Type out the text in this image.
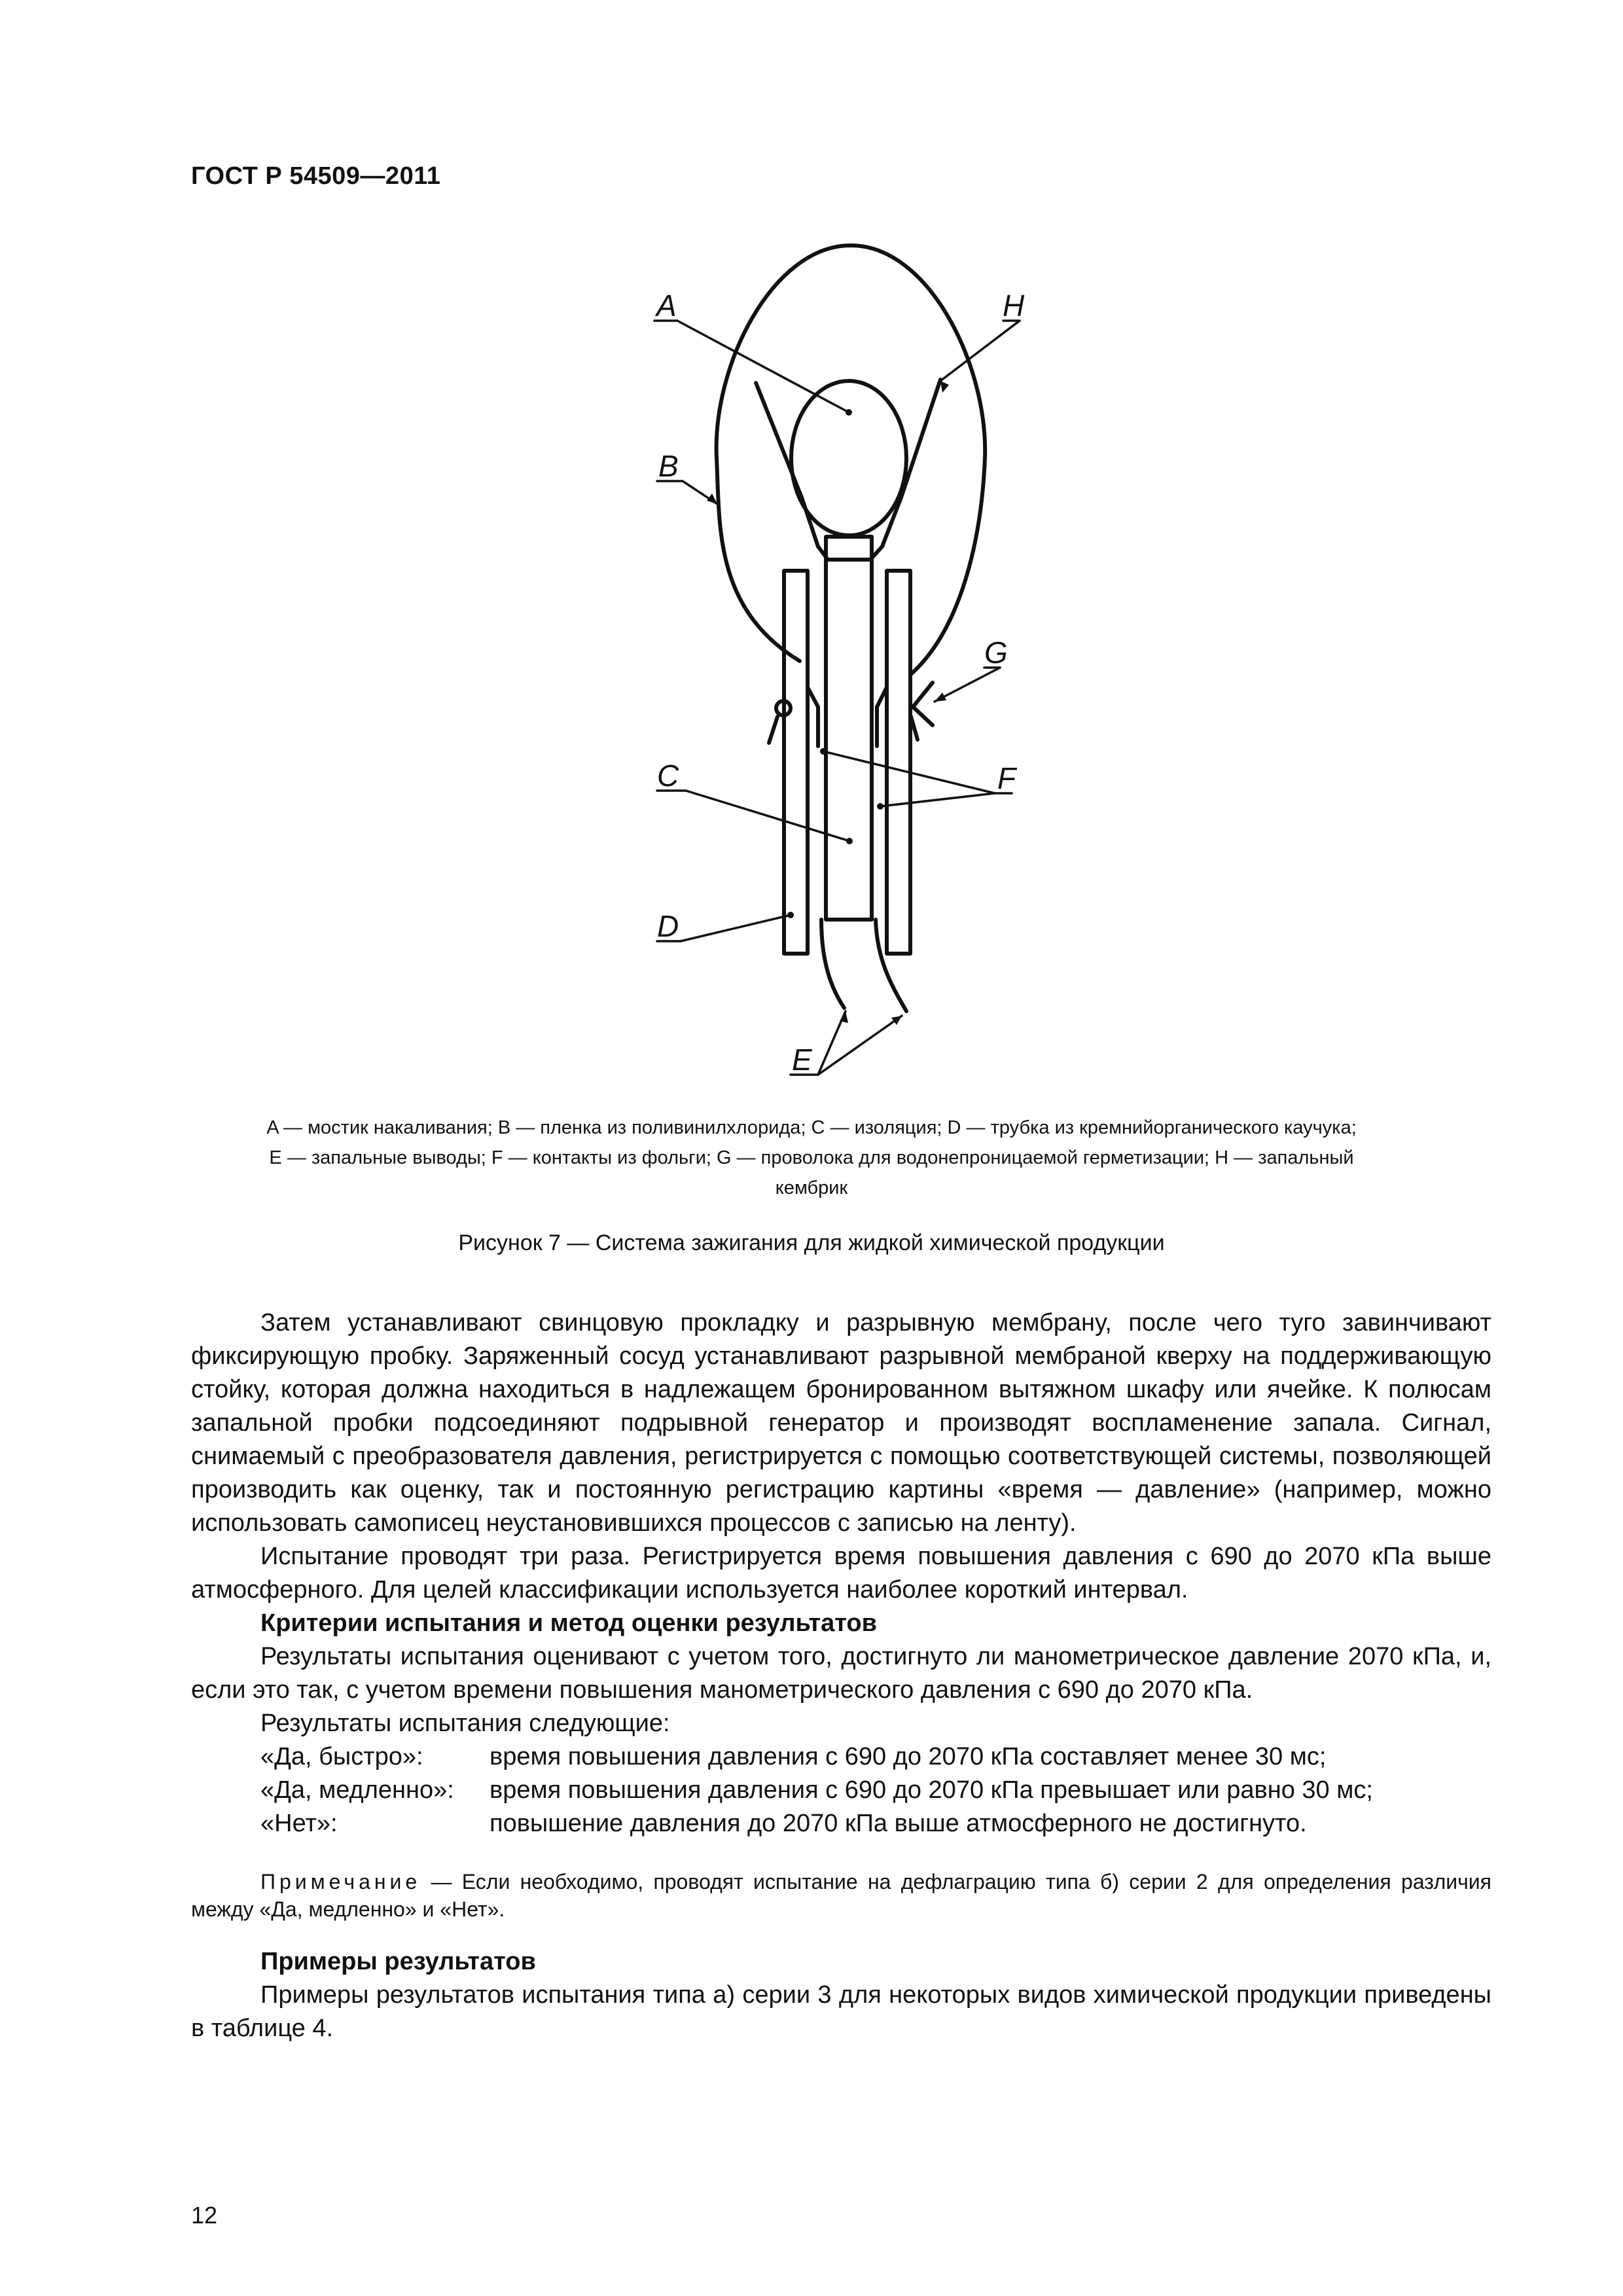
ГОСТ Р 54509—2011
A	H
B
G
C	F
D
E
A — мостик накаливания; B — пленка из поливинилхлорида; C — изоляция; D — трубка из кремнийорганического каучука;
E — запальные выводы; F — контакты из фольги; G — проволока для водонепроницаемой герметизации; H — запальный
кембрик
Рисунок 7 — Система зажигания для жидкой химической продукции

Затем устанавливают свинцовую прокладку и разрывную мембрану, после чего туго завинчивают фиксирующую пробку. Заряженный сосуд устанавливают разрывной мембраной кверху на поддерживающую стойку, которая должна находиться в надлежащем бронированном вытяжном шкафу или ячейке. К полюсам запальной пробки подсоединяют подрывной генератор и производят воспламенение запала. Сигнал, снимаемый с преобразователя давления, регистрируется с помощью соответствующей системы, позволяющей производить как оценку, так и постоянную регистрацию картины «время — давление» (например, можно использовать самописец неустановившихся процессов с записью на ленту).

Испытание проводят три раза. Регистрируется время повышения давления с 690 до 2070 кПа выше атмосферного. Для целей классификации используется наиболее короткий интервал.

Критерии испытания и метод оценки результатов

Результаты испытания оценивают с учетом того, достигнуто ли манометрическое давление 2070 кПа, и, если это так, с учетом времени повышения манометрического давления с 690 до 2070 кПа.

Результаты испытания следующие:

«Да, быстро»:	время повышения давления с 690 до 2070 кПа составляет менее 30 мс;
«Да, медленно»:	время повышения давления с 690 до 2070 кПа превышает или равно 30 мс;
«Нет»:	повышение давления до 2070 кПа выше атмосферного не достигнуто.
Примечание — Если необходимо, проводят испытание на дефлаграцию типа б) серии 2 для определения различия между «Да, медленно» и «Нет».

Примеры результатов

Примеры результатов испытания типа а) серии 3 для некоторых видов химической продукции приведены в таблице 4.

12
